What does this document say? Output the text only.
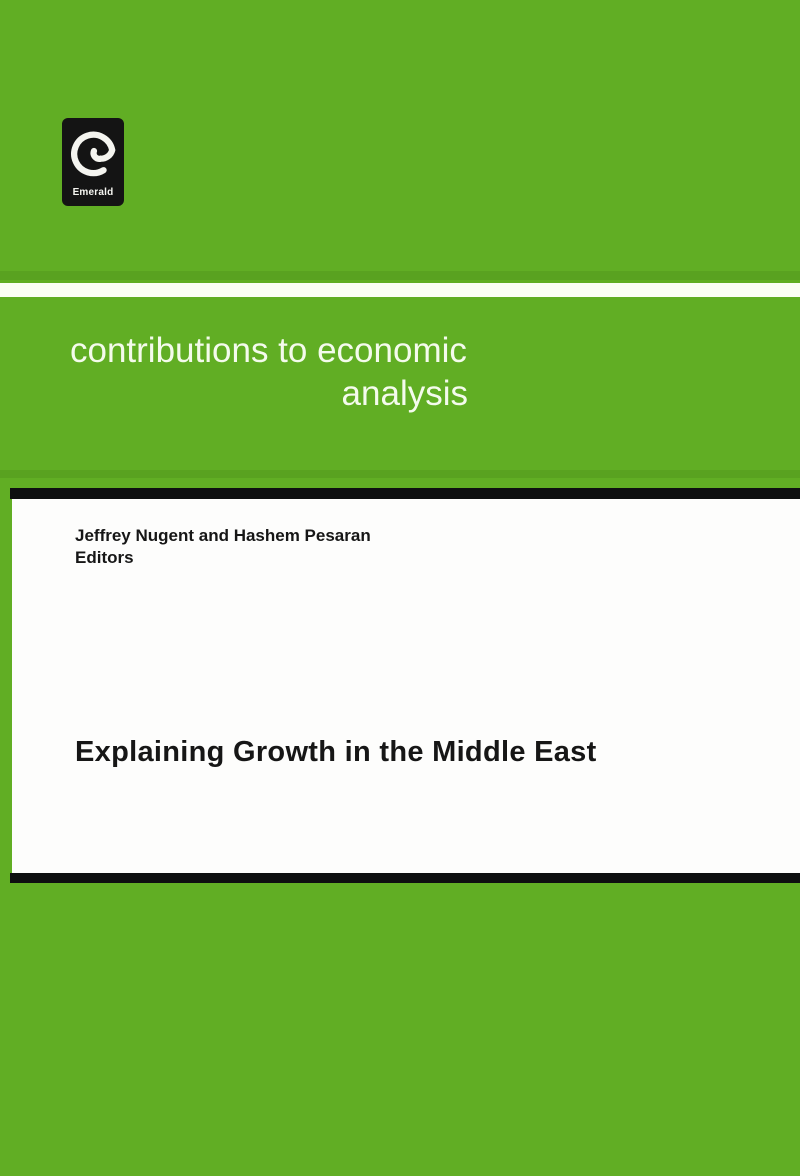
Emerald
contributions to economic
analysis
Jeffrey Nugent and Hashem Pesaran
Editors
Explaining Growth in the Middle East
